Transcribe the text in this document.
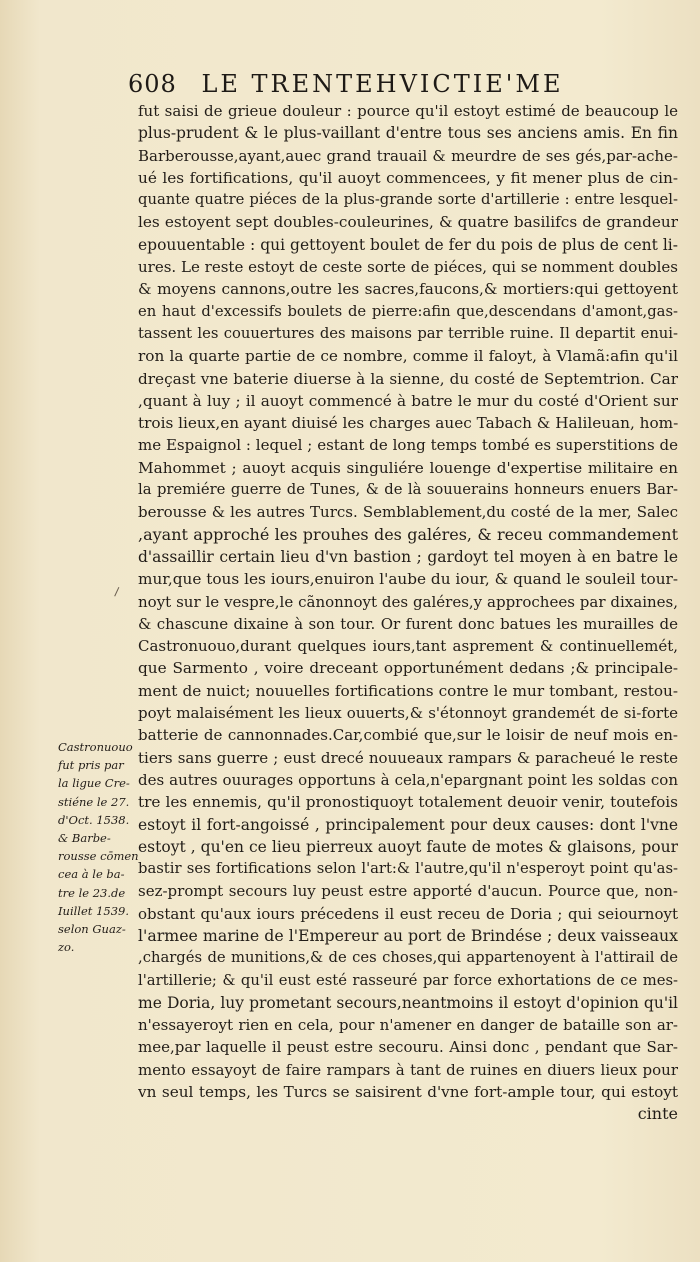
608 LE TRENTEHVICTIE'ME
fut saisi de grieue douleur : pource qu'il estoyt estimé de beaucoup le
plus-prudent & le plus-vaillant d'entre tous ses anciens amis. En fin
Barberousse,ayant,auec grand trauail & meurdre de ses gés,par-ache-
ué les fortifications, qu'il auoyt commencees, y fit mener plus de cin-
quante quatre piéces de la plus-grande sorte d'artillerie : entre lesquel-
les estoyent sept doubles-couleurines, & quatre basilifcs de grandeur
epouuentable : qui gettoyent boulet de fer du pois de plus de cent li-
ures. Le reste estoyt de ceste sorte de piéces, qui se nomment doubles
& moyens cannons,outre les sacres,faucons,& mortiers:qui gettoyent
en haut d'excessifs boulets de pierre:afin que,descendans d'amont,gas-
tassent les couuertures des maisons par terrible ruine. Il departit enui-
ron la quarte partie de ce nombre, comme il faloyt, à Vlamã:afin qu'il
dreçast vne baterie diuerse à la sienne, du costé de Septemtrion. Car
,quant à luy ; il auoyt commencé à batre le mur du costé d'Orient sur
trois lieux,en ayant diuisé les charges auec Tabach & Halileuan, hom-
me Espaignol : lequel ; estant de long temps tombé es superstitions de
Mahommet ; auoyt acquis singuliére louenge d'expertise militaire en
la premiére guerre de Tunes, & de là souuerains honneurs enuers Bar-
berousse & les autres Turcs. Semblablement,du costé de la mer, Salec
,ayant approché les prouhes des galéres, & receu commandement
d'assaillir certain lieu d'vn bastion ; gardoyt tel moyen à en batre le
mur,que tous les iours,enuiron l'aube du iour, & quand le souleil tour-
noyt sur le vespre,le cãnonnoyt des galéres,y approchees par dixaines,
& chascune dixaine à son tour. Or furent donc batues les murailles de
Castronuouo,durant quelques iours,tant asprement & continuellemét,
que Sarmento , voire dreceant opportunément dedans ;& principale-
ment de nuict; nouuelles fortifications contre le mur tombant, restou-
poyt malaisément les lieux ouuerts,& s'étonnoyt grandemét de si-forte
batterie de cannonnades.Car,combié que,sur le loisir de neuf mois en-
tiers sans guerre ; eust drecé nouueaux rampars & paracheué le reste
des autres ouurages opportuns à cela,n'epargnant point les soldas con
tre les ennemis, qu'il pronostiquoyt totalement deuoir venir, toutefois
estoyt il fort-angoissé , principalement pour deux causes: dont l'vne
estoyt , qu'en ce lieu pierreux auoyt faute de motes & glaisons, pour
bastir ses fortifications selon l'art:& l'autre,qu'il n'esperoyt point qu'as-
sez-prompt secours luy peust estre apporté d'aucun. Pource que, non-
obstant qu'aux iours précedens il eust receu de Doria ; qui seiournoyt
l'armee marine de l'Empereur au port de Brindése ; deux vaisseaux
,chargés de munitions,& de ces choses,qui appartenoyent à l'attirail de
l'artillerie; & qu'il eust esté rasseuré par force exhortations de ce mes-
me Doria, luy prometant secours,neantmoins il estoyt d'opinion qu'il
n'essayeroyt rien en cela, pour n'amener en danger de bataille son ar-
mee,par laquelle il peust estre secouru. Ainsi donc , pendant que Sar-
mento essayoyt de faire rampars à tant de ruines en diuers lieux pour
vn seul temps, les Turcs se saisirent d'vne fort-ample tour, qui estoyt
cinte
Castronuouo
fut pris par
la ligue Cre-
stiéne le 27.
d'Oct. 1538.
& Barbe-
rousse cōmen
cea à le ba-
tre le 23.de
Iuillet 1539.
selon Guaz-
zo.
